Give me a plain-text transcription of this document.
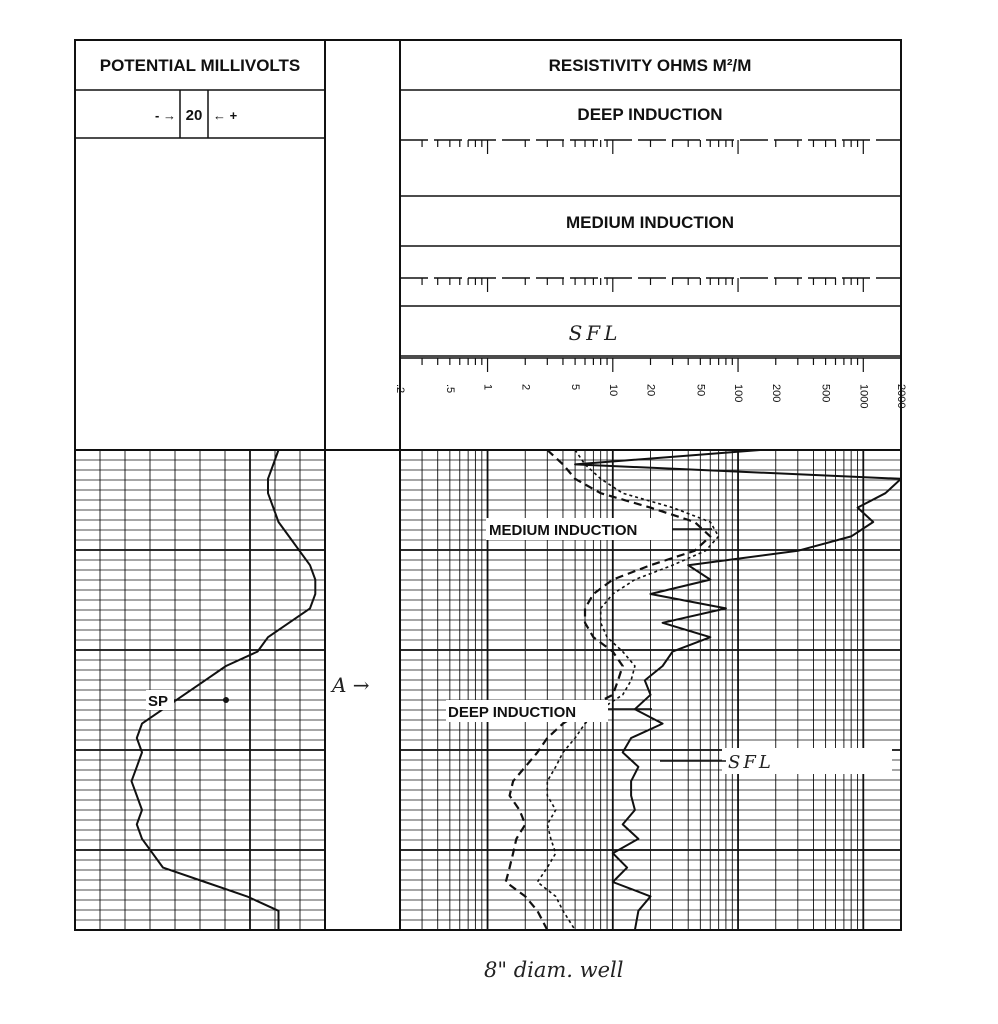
POTENTIAL MILLIVOLTS
- → 20 ← +
RESISTIVITY OHMS M²/M
DEEP INDUCTION
MEDIUM INDUCTION
SFL
.2	.5 1 2	5 10 20	50 100 200	500 1000 2000
SP
MEDIUM INDUCTION
DEEP INDUCTION
SFL
A →
8" diam. well
